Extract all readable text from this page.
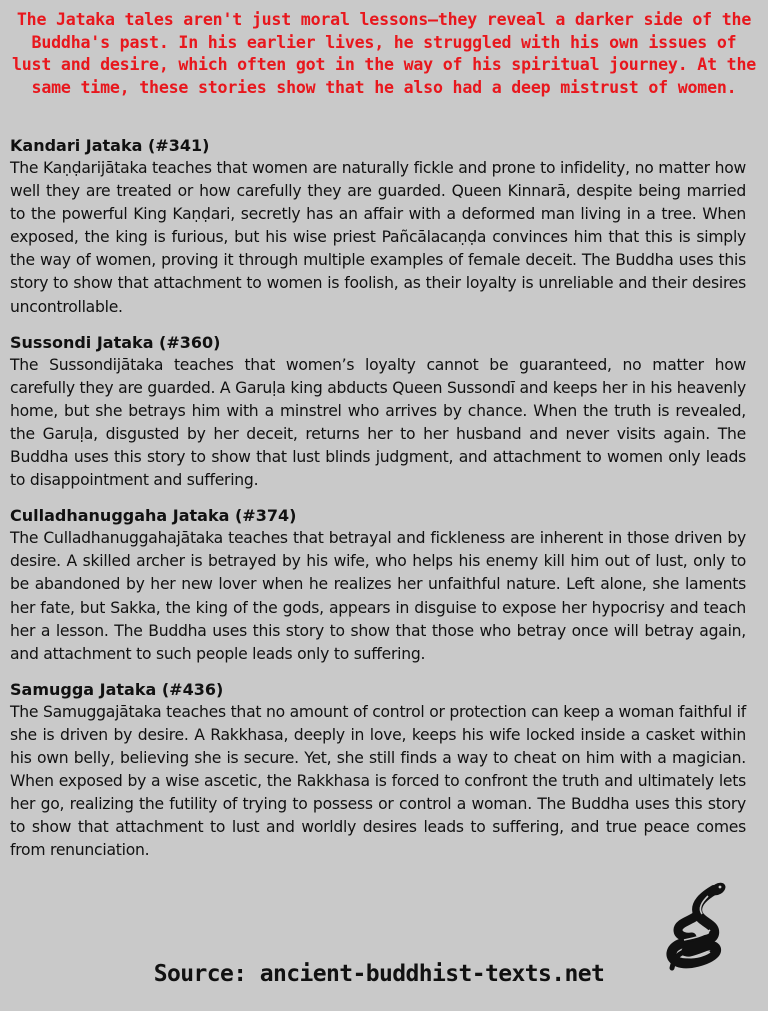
The Jataka tales aren't just moral lessons—they reveal a darker side of the Buddha's past. In his earlier lives, he struggled with his own issues of lust and desire, which often got in the way of his spiritual journey. At the same time, these stories show that he also had a deep mistrust of women.

Kandari Jataka (#341)

The Kaṇḍarijātaka teaches that women are naturally fickle and prone to infidelity, no matter how well they are treated or how carefully they are guarded. Queen Kinnarā, despite being married to the powerful King Kaṇḍari, secretly has an affair with a deformed man living in a tree. When exposed, the king is furious, but his wise priest Pañcālacaṇḍa convinces him that this is simply the way of women, proving it through multiple examples of female deceit. The Buddha uses this story to show that attachment to women is foolish, as their loyalty is unreliable and their desires uncontrollable.

Sussondi Jataka (#360)

The Sussondijātaka teaches that women’s loyalty cannot be guaranteed, no matter how carefully they are guarded. A Garuḷa king abducts Queen Sussondī and keeps her in his heavenly home, but she betrays him with a minstrel who arrives by chance. When the truth is revealed, the Garuḷa, disgusted by her deceit, returns her to her husband and never visits again. The Buddha uses this story to show that lust blinds judgment, and attachment to women only leads to disappointment and suffering.

Culladhanuggaha Jataka (#374)

The Culladhanuggahajātaka teaches that betrayal and fickleness are inherent in those driven by desire. A skilled archer is betrayed by his wife, who helps his enemy kill him out of lust, only to be abandoned by her new lover when he realizes her unfaithful nature. Left alone, she laments her fate, but Sakka, the king of the gods, appears in disguise to expose her hypocrisy and teach her a lesson. The Buddha uses this story to show that those who betray once will betray again, and attachment to such people leads only to suffering.

Samugga Jataka (#436)

The Samuggajātaka teaches that no amount of control or protection can keep a woman faithful if she is driven by desire. A Rakkhasa, deeply in love, keeps his wife locked inside a casket within his own belly, believing she is secure. Yet, she still finds a way to cheat on him with a magician. When exposed by a wise ascetic, the Rakkhasa is forced to confront the truth and ultimately lets her go, realizing the futility of trying to possess or control a woman. The Buddha uses this story to show that attachment to lust and worldly desires leads to suffering, and true peace comes from renunciation.

Source: ancient-buddhist-texts.net
